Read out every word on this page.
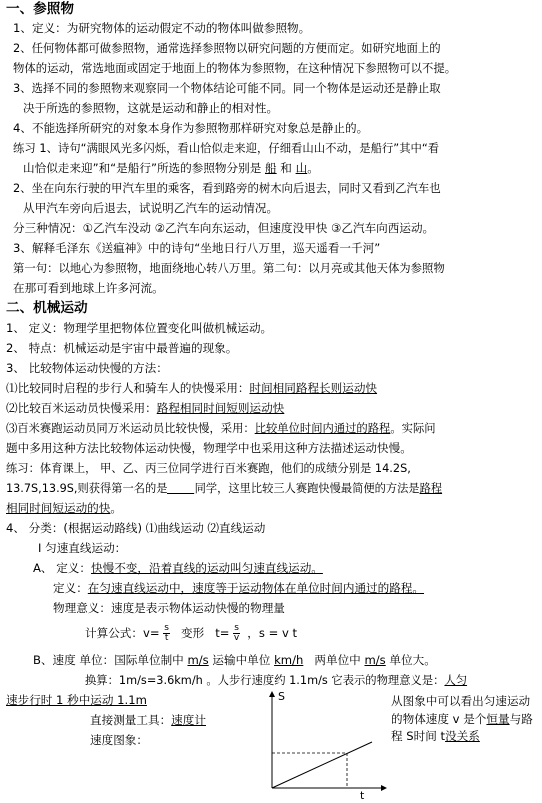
一、参照物
1、定义：为研究物体的运动假定不动的物体叫做参照物。
2、任何物体都可做参照物，通常选择参照物以研究问题的方便而定。如研究地面上的
物体的运动，常选地面或固定于地面上的物体为参照物，在这种情况下参照物可以不提。
3、选择不同的参照物来观察同一个物体结论可能不同。同一个物体是运动还是静止取
决于所选的参照物，这就是运动和静止的相对性。
4、不能选择所研究的对象本身作为参照物那样研究对象总是静止的。
练习 1、诗句“满眼风光多闪烁，看山恰似走来迎，仔细看山山不动，是船行”其中“看
山恰似走来迎”和“是船行”所选的参照物分别是 船 和 山。
2、坐在向东行驶的甲汽车里的乘客，看到路旁的树木向后退去，同时又看到乙汽车也
从甲汽车旁向后退去，试说明乙汽车的运动情况。
分三种情况：①乙汽车没动 ②乙汽车向东运动，但速度没甲快 ③乙汽车向西运动。
3、解释毛泽东《送瘟神》中的诗句“坐地日行八万里，巡天遥看一千河”
第一句：以地心为参照物，地面绕地心转八万里。第二句：以月亮或其他天体为参照物
在那可看到地球上许多河流。
二、机械运动
1、 定义：物理学里把物体位置变化叫做机械运动。
2、 特点：机械运动是宇宙中最普遍的现象。
3、 比较物体运动快慢的方法：
⑴比较同时启程的步行人和骑车人的快慢采用：时间相同路程长则运动快
⑵比较百米运动员快慢采用：路程相同时间短则运动快
⑶百米赛跑运动员同万米运动员比较快慢，采用：比较单位时间内通过的路程。实际问
题中多用这种方法比较物体运动快慢，物理学中也采用这种方法描述运动快慢。
练习：体育课上， 甲、乙、丙三位同学进行百米赛跑，他们的成绩分别是 14.2S,
13.7S,13.9S,则获得第一名的是 同学，这里比较三人赛跑快慢最简便的方法是路程
相同时间短运动的快。
4、 分类：(根据运动路线) ⑴曲线运动 ⑵直线运动
Ⅰ 匀速直线运动：
A、 定义：快慢不变，沿着直线的运动叫匀速直线运动。
定义：在匀速直线运动中，速度等于运动物体在单位时间内通过的路程。
物理意义：速度是表示物体运动快慢的物理量
计算公式：$v= \frac{s}{t}$ 变形 $t= \frac{s}{v}$ ，s = v t
B、速度 单位：国际单位制中 m/s 运输中单位 km/h 两单位中 m/s 单位大。
换算：1m/s=3.6km/h 。人步行速度约 1.1m/s 它表示的物理意义是：人匀
速步行时 1 秒中运动 1.1m
直接测量工具：速度计
速度图象：
S
t
从图象中可以看出匀速运动的物体速度 v 是个恒量与路程 S时间 t没关系
